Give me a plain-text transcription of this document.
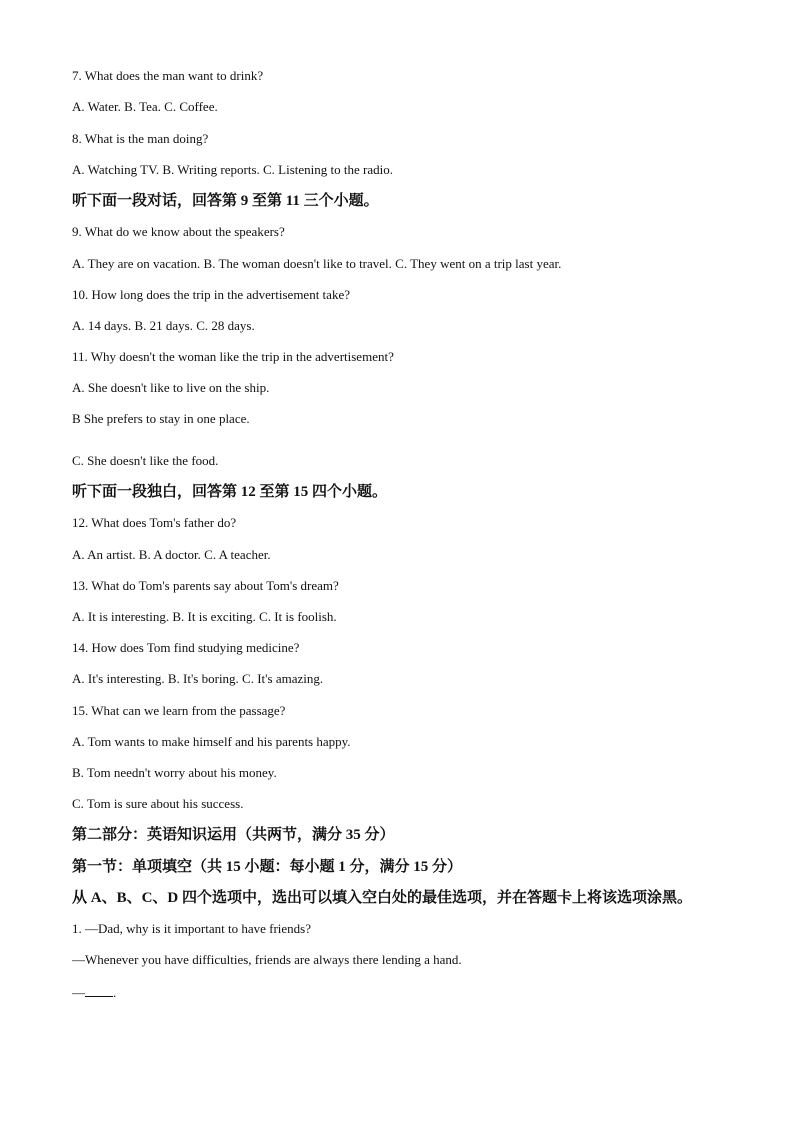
7. What does the man want to drink?
A. Water. B. Tea. C. Coffee.
8. What is the man doing?
A. Watching TV. B. Writing reports. C. Listening to the radio.
听下面一段对话，回答第 9 至第 11 三个小题。
9. What do we know about the speakers?
A. They are on vacation. B. The woman doesn't like to travel. C. They went on a trip last year.
10. How long does the trip in the advertisement take?
A. 14 days. B. 21 days. C. 28 days.
11. Why doesn't the woman like the trip in the advertisement?
A. She doesn't like to live on the ship.
B She prefers to stay in one place.
C. She doesn't like the food.
听下面一段独白，回答第 12 至第 15 四个小题。
12. What does Tom's father do?
A. An artist. B. A doctor. C. A teacher.
13. What do Tom's parents say about Tom's dream?
A. It is interesting. B. It is exciting. C. It is foolish.
14. How does Tom find studying medicine?
A. It's interesting. B. It's boring. C. It's amazing.
15. What can we learn from the passage?
A. Tom wants to make himself and his parents happy.
B. Tom needn't worry about his money.
C. Tom is sure about his success.
第二部分：英语知识运用（共两节，满分 35 分）
第一节：单项填空（共 15 小题：每小题 1 分，满分 15 分）
从 A、B、C、D 四个选项中，选出可以填入空白处的最佳选项，并在答题卡上将该选项涂黑。
1. —Dad, why is it important to have friends?
—Whenever you have difficulties, friends are always there lending a hand.
— .
